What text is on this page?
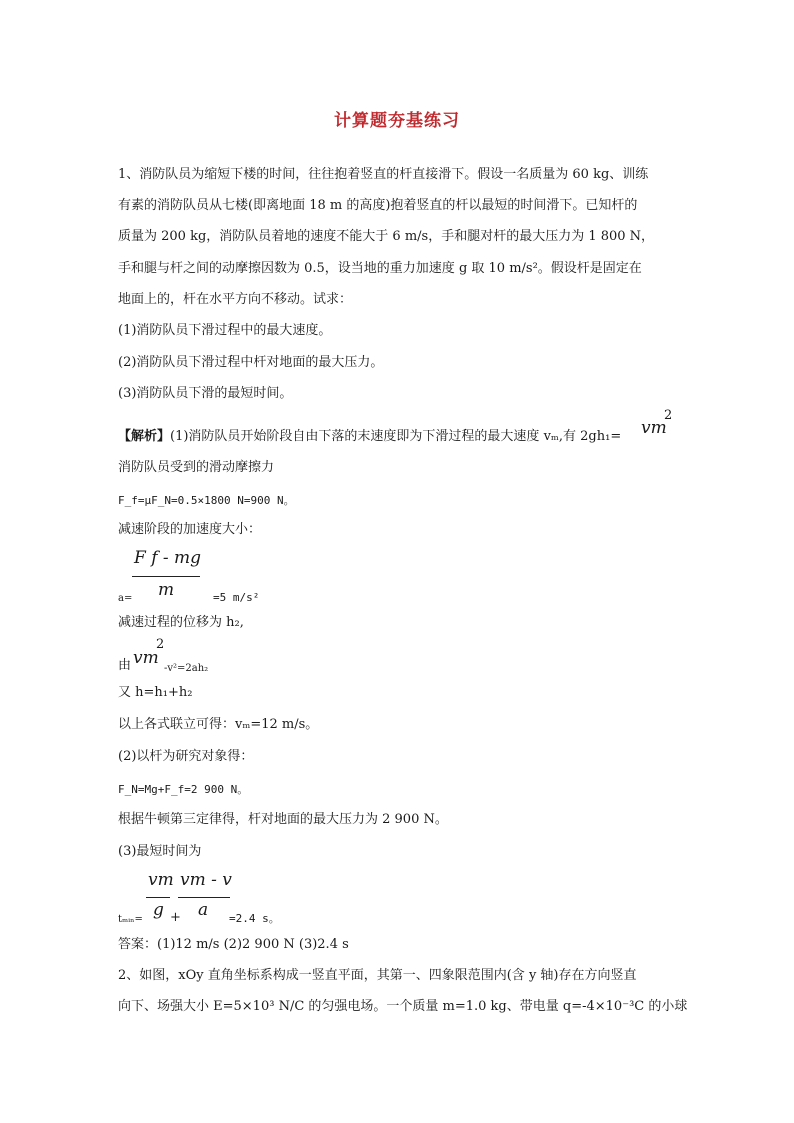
计算题夯基练习
1、消防队员为缩短下楼的时间，往往抱着竖直的杆直接滑下。假设一名质量为 60 kg、训练
有素的消防队员从七楼(即离地面 18 m 的高度)抱着竖直的杆以最短的时间滑下。已知杆的
质量为 200 kg，消防队员着地的速度不能大于 6 m/s，手和腿对杆的最大压力为 1 800 N，
手和腿与杆之间的动摩擦因数为 0.5，设当地的重力加速度 g 取 10 m/s²。假设杆是固定在
地面上的，杆在水平方向不移动。试求：
(1)消防队员下滑过程中的最大速度。
(2)消防队员下滑过程中杆对地面的最大压力。
(3)消防队员下滑的最短时间。
【解析】(1)消防队员开始阶段自由下落的末速度即为下滑过程的最大速度 vₘ,有 2gh₁= vm
2
消防队员受到的滑动摩擦力
F_f=μF_N=0.5×1800 N=900 N。
减速阶段的加速度大小：
F f - mg
m
a=	=5 m/s²
减速过程的位移为 h₂,
由 vm
2
-v²=2ah₂
又 h=h₁+h₂
以上各式联立可得：vₘ=12 m/s。
(2)以杆为研究对象得：
F_N=Mg+F_f=2 900 N。
根据牛顿第三定律得，杆对地面的最大压力为 2 900 N。
(3)最短时间为
vm
g
vm - v
a
tₘᵢₙ= +	=2.4 s。
答案：(1)12 m/s (2)2 900 N (3)2.4 s
2、如图，xOy 直角坐标系构成一竖直平面，其第一、四象限范围内(含 y 轴)存在方向竖直
向下、场强大小 E=5×10³ N/C 的匀强电场。一个质量 m=1.0 kg、带电量 q=-4×10⁻³C 的小球
